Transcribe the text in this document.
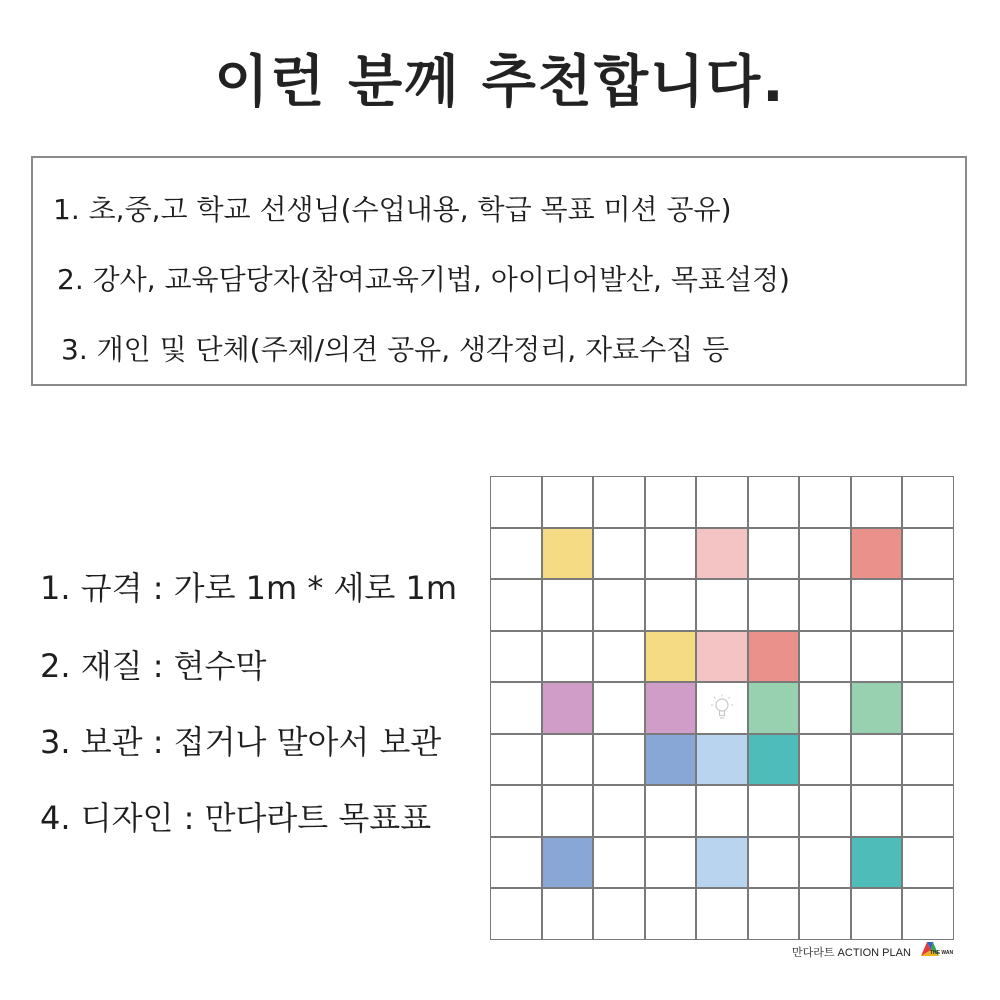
이런 분께 추천합니다.
1. 초,중,고 학교 선생님(수업내용, 학급 목표 미션 공유)
2. 강사, 교육담당자(참여교육기법, 아이디어발산, 목표설정)
3. 개인 및 단체(주제/의견 공유, 생각정리, 자료수집 등
1. 규격 : 가로 1m * 세로 1m
2. 재질 : 현수막
3. 보관 : 접거나 말아서 보관
4. 디자인 : 만다라트 목표표
만다라트 ACTION PLAN	THE WAN
